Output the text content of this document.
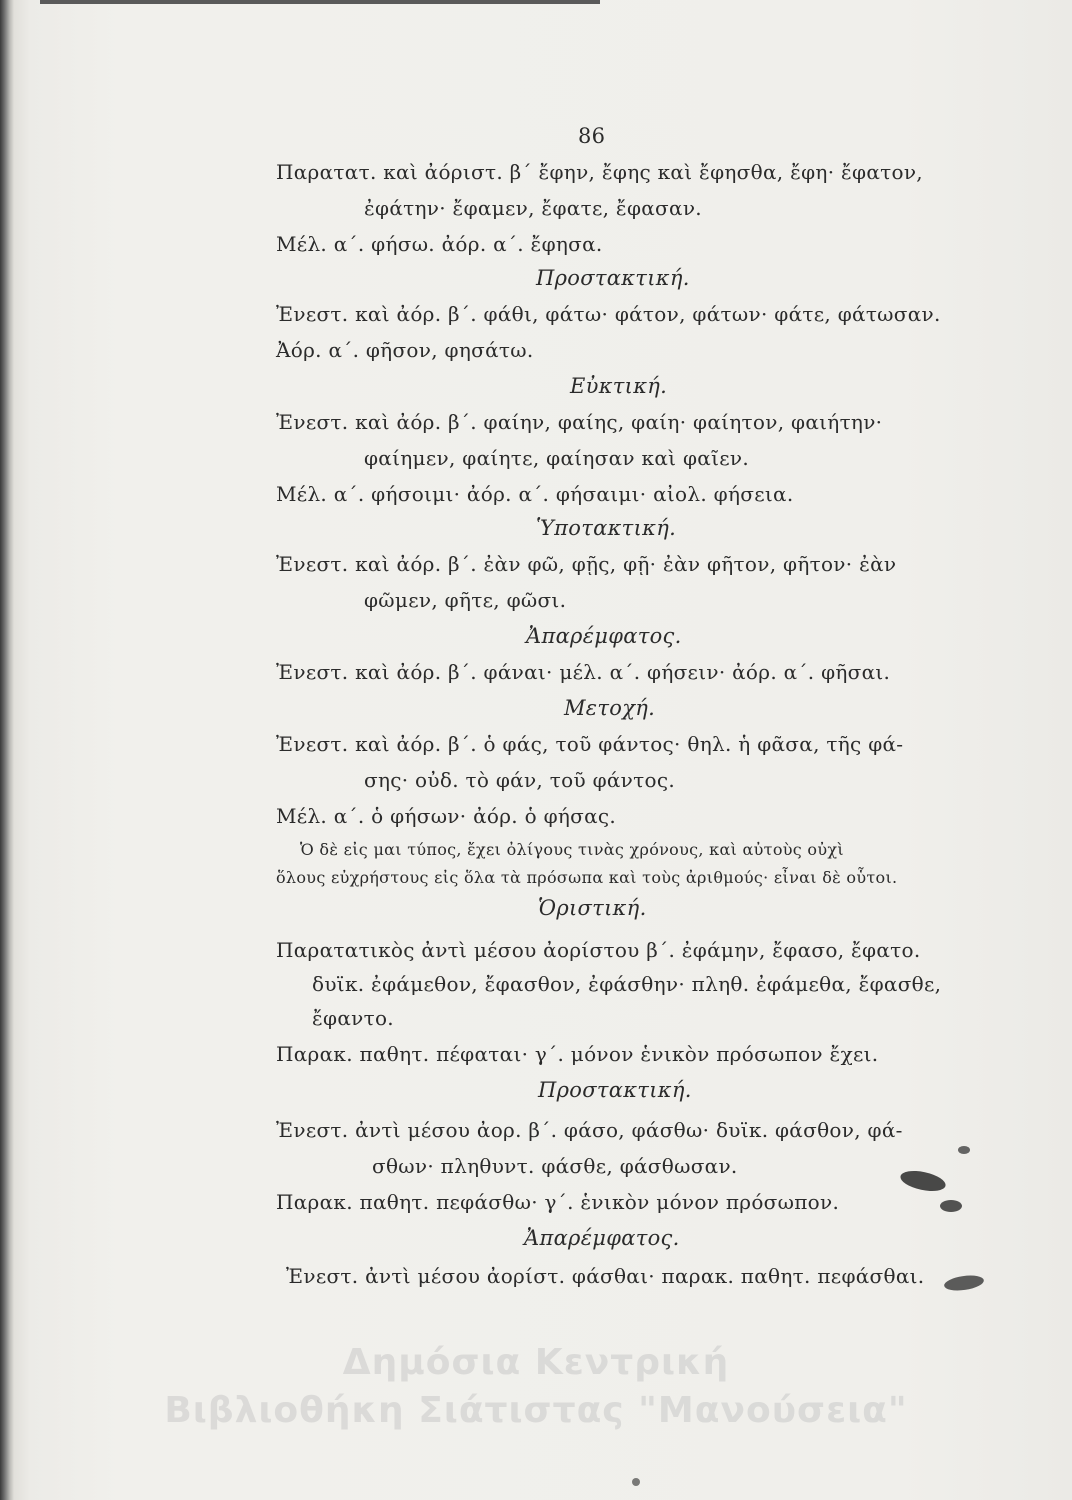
86
Παρατατ. καὶ ἀόριστ. β΄ ἔφην, ἔφης καὶ ἔφησθα, ἔφη· ἔφατον,
ἐφάτην· ἔφαμεν, ἔφατε, ἔφασαν.
Μέλ. α΄. φήσω. ἀόρ. α΄. ἔφησα.
Προστακτική.
Ἐνεστ. καὶ ἀόρ. β΄. φάθι, φάτω· φάτον, φάτων· φάτε, φάτωσαν.
Ἀόρ. α΄. φῆσον, φησάτω.
Εὐκτική.
Ἐνεστ. καὶ ἀόρ. β΄. φαίην, φαίης, φαίη· φαίητον, φαιήτην·
φαίημεν, φαίητε, φαίησαν καὶ φαῖεν.
Μέλ. α΄. φήσοιμι· ἀόρ. α΄. φήσαιμι· αἰολ. φήσεια.
Ὑποτακτική.
Ἐνεστ. καὶ ἀόρ. β΄. ἐὰν φῶ, φῇς, φῇ· ἐὰν φῆτον, φῆτον· ἐὰν
φῶμεν, φῆτε, φῶσι.
Ἀπαρέμφατος.
Ἐνεστ. καὶ ἀόρ. β΄. φάναι· μέλ. α΄. φήσειν· ἀόρ. α΄. φῆσαι.
Μετοχή.
Ἐνεστ. καὶ ἀόρ. β΄. ὁ φάς, τοῦ φάντος· θηλ. ἡ φᾶσα, τῆς φά-
σης· οὐδ. τὸ φάν, τοῦ φάντος.
Μέλ. α΄. ὁ φήσων· ἀόρ. ὁ φήσας.
Ὁ δὲ εἰς μαι τύπος, ἔχει ὀλίγους τινὰς χρόνους, καὶ αὐτοὺς οὐχὶ
ὅλους εὐχρήστους εἰς ὅλα τὰ πρόσωπα καὶ τοὺς ἀριθμούς· εἶναι δὲ οὗτοι.
Ὁριστική.
Παρατατικὸς ἀντὶ μέσου ἀορίστου β΄. ἐφάμην, ἔφασο, ἔφατο.
δυϊκ. ἐφάμεθον, ἔφασθον, ἐφάσθην· πληθ. ἐφάμεθα, ἔφασθε,
ἔφαντο.
Παρακ. παθητ. πέφαται· γ΄. μόνον ἑνικὸν πρόσωπον ἔχει.
Προστακτική.
Ἐνεστ. ἀντὶ μέσου ἀορ. β΄. φάσο, φάσθω· δυϊκ. φάσθον, φά-
σθων· πληθυντ. φάσθε, φάσθωσαν.
Παρακ. παθητ. πεφάσθω· γ΄. ἑνικὸν μόνον πρόσωπον.
Ἀπαρέμφατος.
Ἐνεστ. ἀντὶ μέσου ἀορίστ. φάσθαι· παρακ. παθητ. πεφάσθαι.
Δημόσια Κεντρική
Βιβλιοθήκη Σιάτιστας "Μανούσεια"
